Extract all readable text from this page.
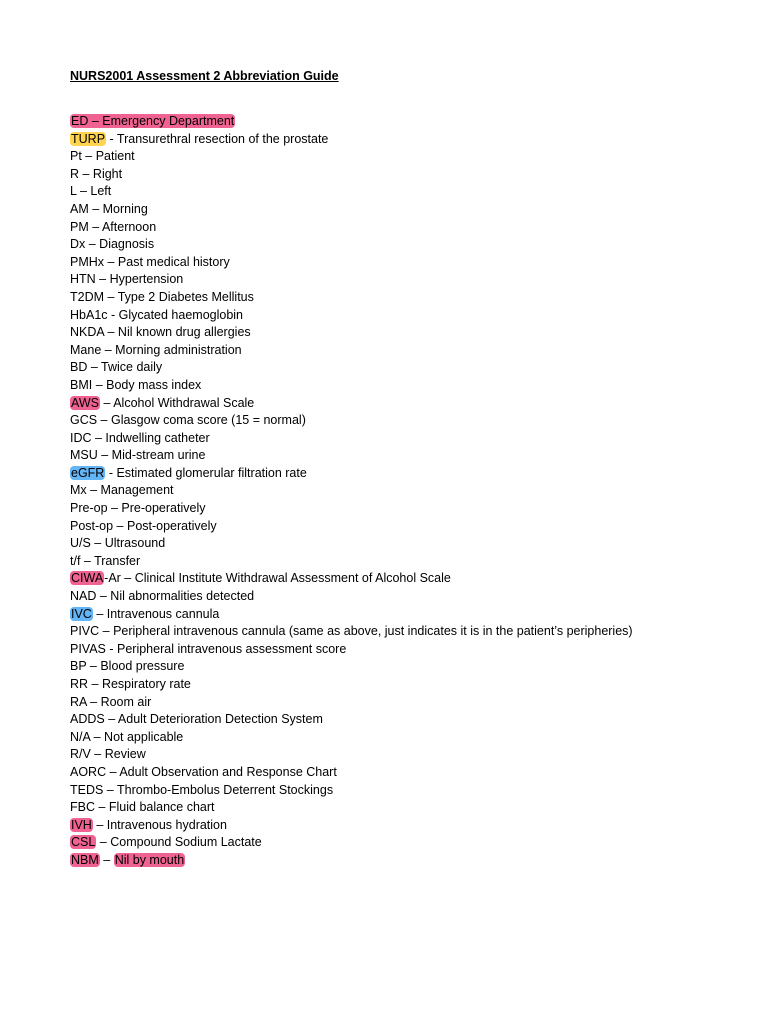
NURS2001 Assessment 2 Abbreviation Guide
ED – Emergency Department
TURP - Transurethral resection of the prostate
Pt – Patient
R – Right
L – Left
AM – Morning
PM – Afternoon
Dx – Diagnosis
PMHx – Past medical history
HTN – Hypertension
T2DM – Type 2 Diabetes Mellitus
HbA1c - Glycated haemoglobin
NKDA – Nil known drug allergies
Mane – Morning administration
BD – Twice daily
BMI – Body mass index
AWS – Alcohol Withdrawal Scale
GCS – Glasgow coma score (15 = normal)
IDC – Indwelling catheter
MSU – Mid-stream urine
eGFR - Estimated glomerular filtration rate
Mx – Management
Pre-op – Pre-operatively
Post-op – Post-operatively
U/S – Ultrasound
t/f – Transfer
CIWA-Ar – Clinical Institute Withdrawal Assessment of Alcohol Scale
NAD – Nil abnormalities detected
IVC – Intravenous cannula
PIVC – Peripheral intravenous cannula (same as above, just indicates it is in the patient’s peripheries)
PIVAS - Peripheral intravenous assessment score
BP – Blood pressure
RR – Respiratory rate
RA – Room air
ADDS – Adult Deterioration Detection System
N/A – Not applicable
R/V – Review
AORC – Adult Observation and Response Chart
TEDS – Thrombo-Embolus Deterrent Stockings
FBC – Fluid balance chart
IVH – Intravenous hydration
CSL – Compound Sodium Lactate
NBM – Nil by mouth
